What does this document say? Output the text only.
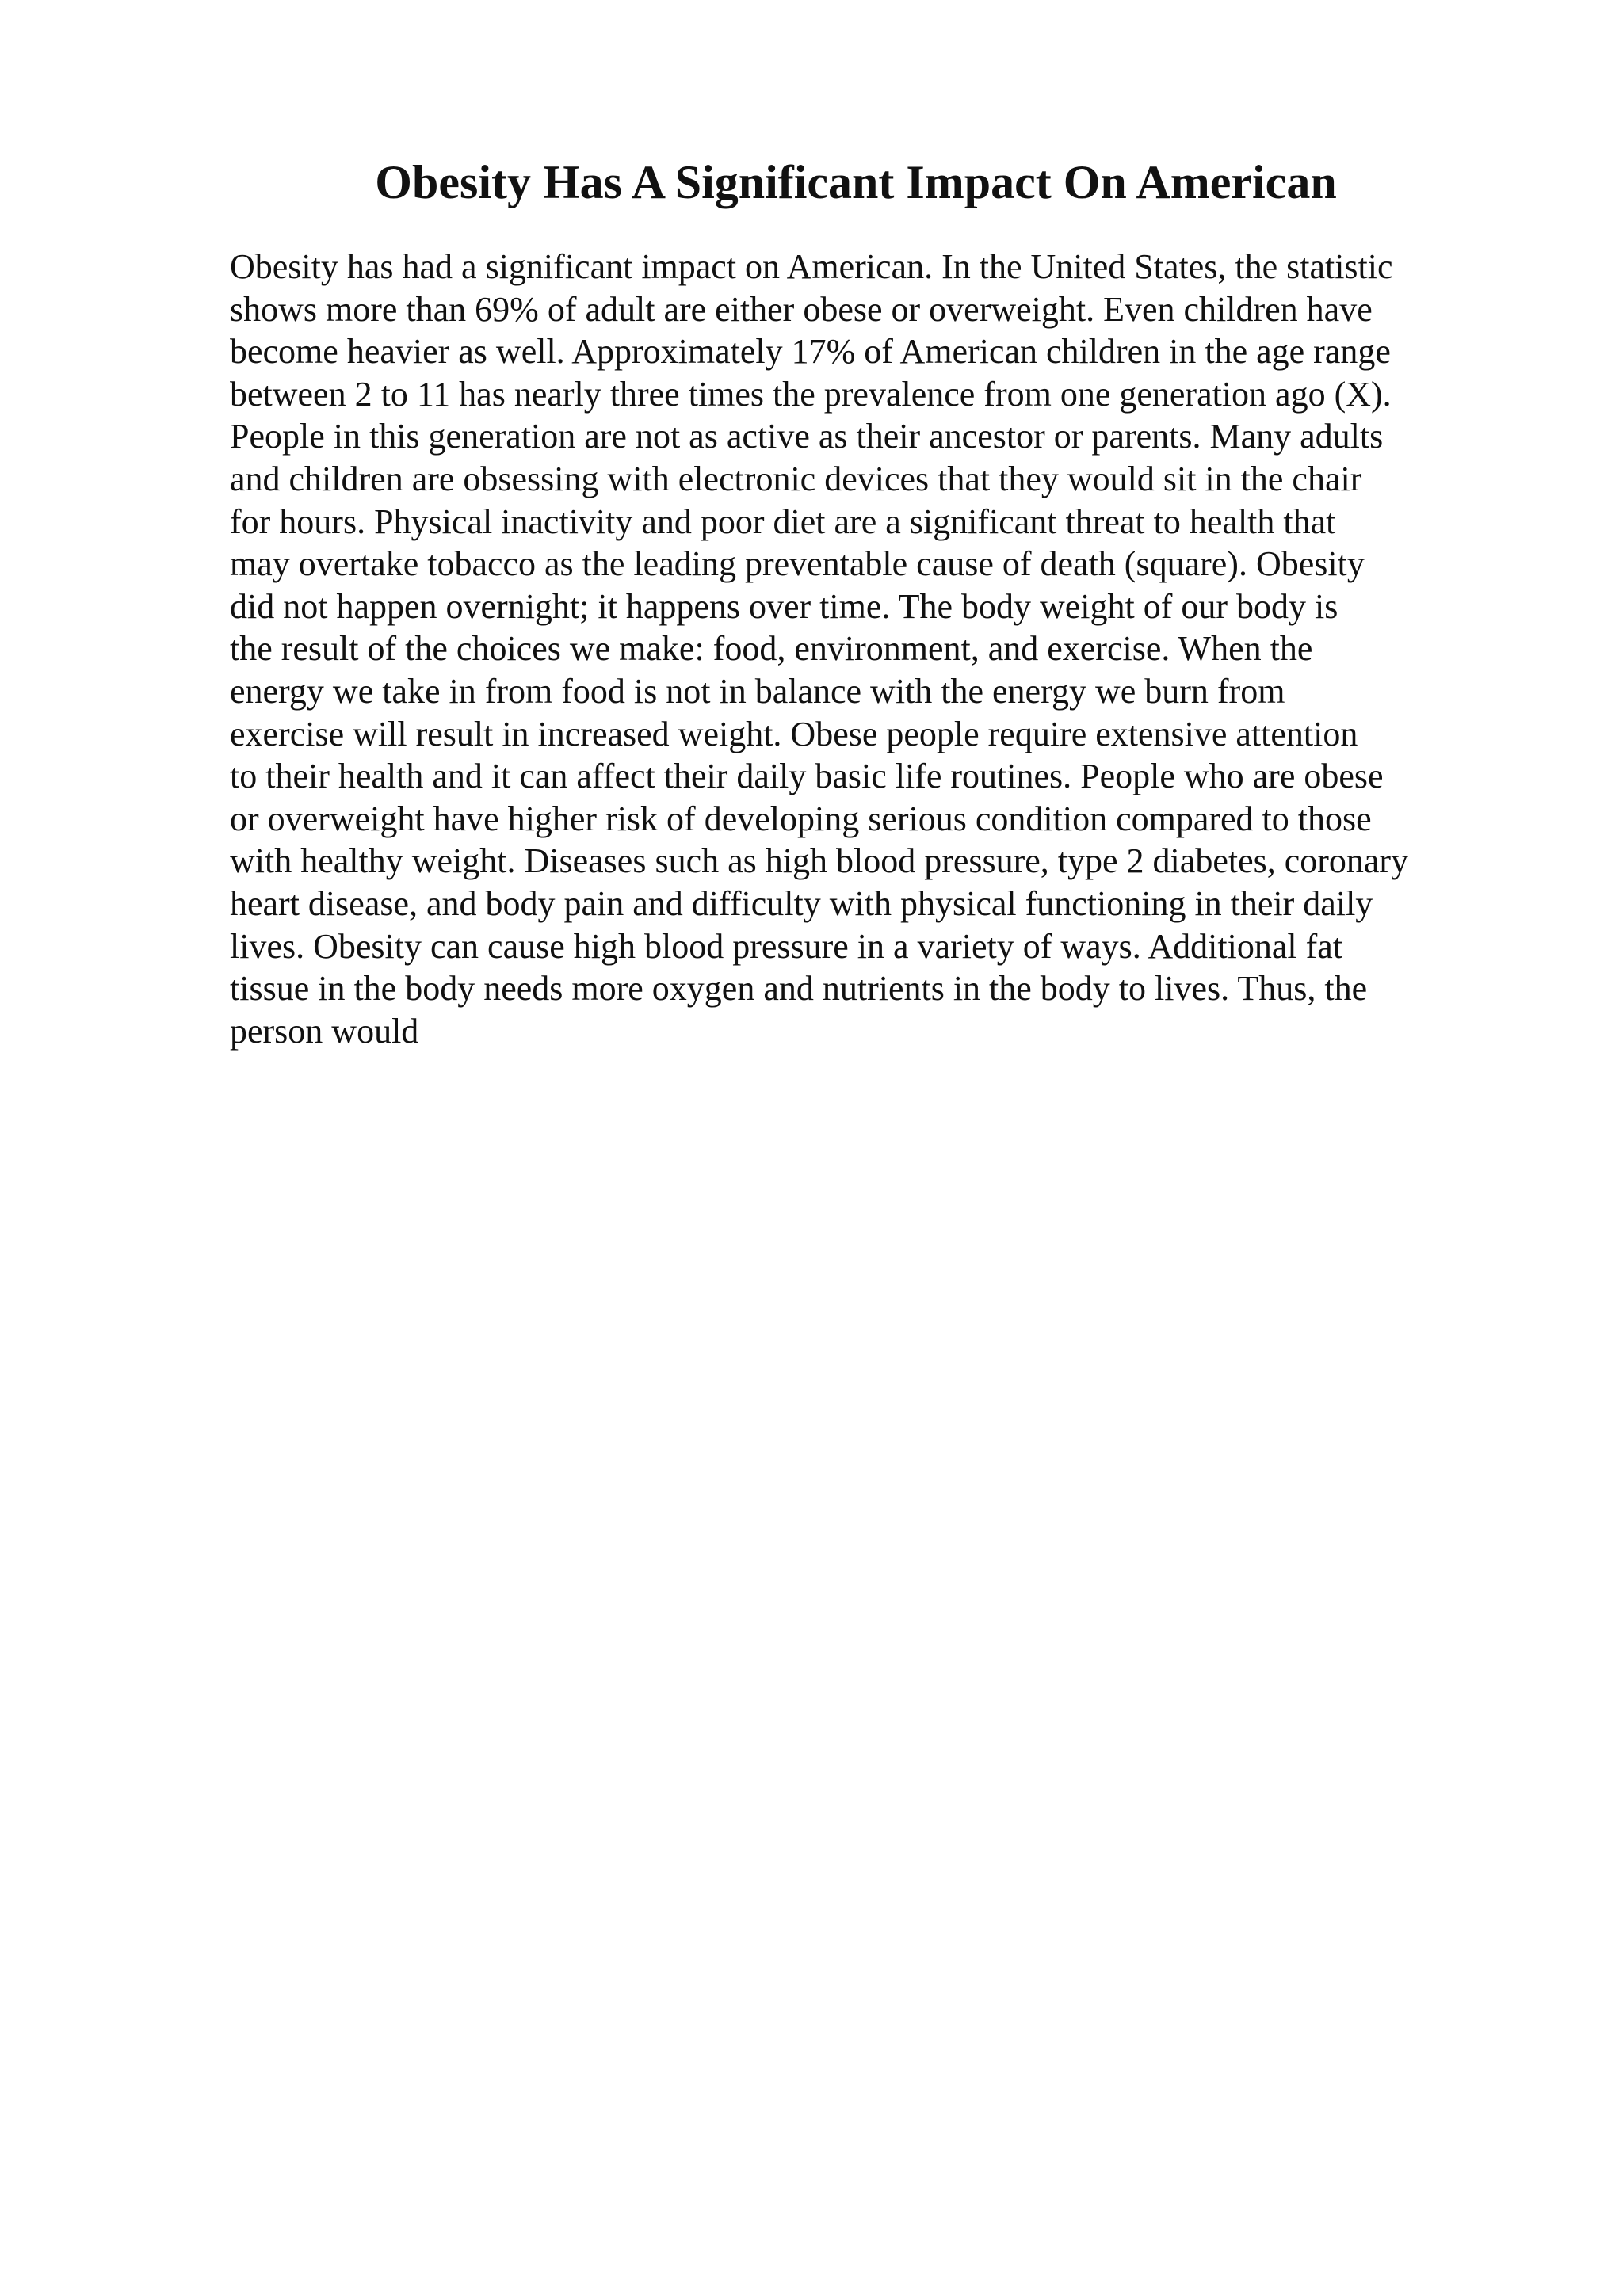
Obesity Has A Significant Impact On American

Obesity has had a significant impact on American. In the United States, the statistic
shows more than 69% of adult are either obese or overweight. Even children have
become heavier as well. Approximately 17% of American children in the age range
between 2 to 11 has nearly three times the prevalence from one generation ago (X).
People in this generation are not as active as their ancestor or parents. Many adults
and children are obsessing with electronic devices that they would sit in the chair
for hours. Physical inactivity and poor diet are a significant threat to health that
may overtake tobacco as the leading preventable cause of death (square). Obesity
did not happen overnight; it happens over time. The body weight of our body is
the result of the choices we make: food, environment, and exercise. When the
energy we take in from food is not in balance with the energy we burn from
exercise will result in increased weight. Obese people require extensive attention
to their health and it can affect their daily basic life routines. People who are obese
or overweight have higher risk of developing serious condition compared to those
with healthy weight. Diseases such as high blood pressure, type 2 diabetes, coronary
heart disease, and body pain and difficulty with physical functioning in their daily
lives. Obesity can cause high blood pressure in a variety of ways. Additional fat
tissue in the body needs more oxygen and nutrients in the body to lives. Thus, the
person would
